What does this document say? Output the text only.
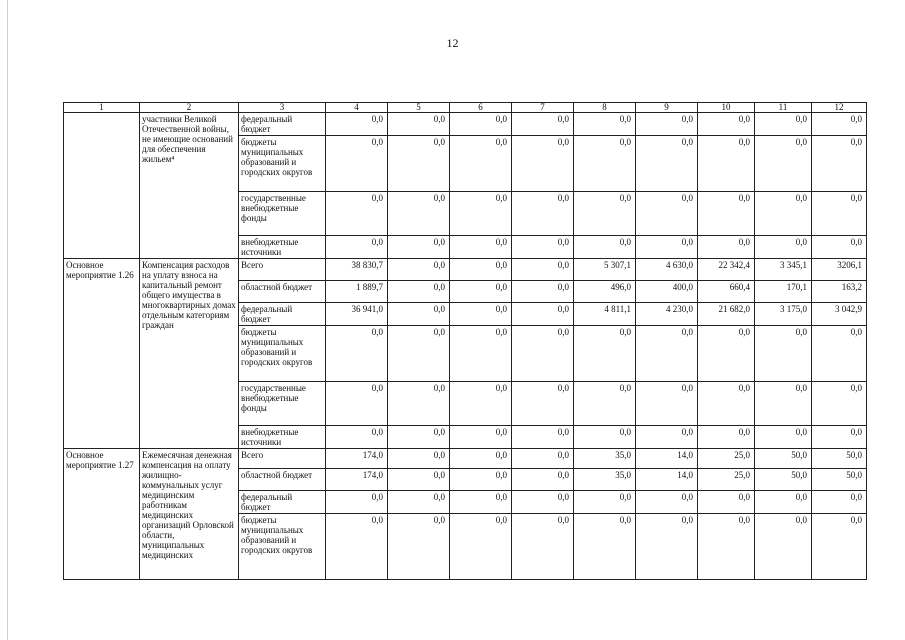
12
1	2	3	4	5	6	7	8	9	10	11	12
	участники Великой Отечественной войны, не имеющие оснований для обеспечения жильем⁴	федеральный бюджет	0,0	0,0	0,0	0,0	0,0	0,0	0,0	0,0	0,0
		бюджеты муниципальных образований и городских округов	0,0	0,0	0,0	0,0	0,0	0,0	0,0	0,0	0,0
		государственные внебюджетные фонды	0,0	0,0	0,0	0,0	0,0	0,0	0,0	0,0	0,0
		внебюджетные источники	0,0	0,0	0,0	0,0	0,0	0,0	0,0	0,0	0,0
Основное мероприятие 1.26	Компенсация расходов на уплату взноса на капитальный ремонт общего имущества в многоквартирных домах отдельным категориям граждан	Всего	38 830,7	0,0	0,0	0,0	5 307,1	4 630,0	22 342,4	3 345,1	3206,1
		областной бюджет	1 889,7	0,0	0,0	0,0	496,0	400,0	660,4	170,1	163,2
		федеральный бюджет	36 941,0	0,0	0,0	0,0	4 811,1	4 230,0	21 682,0	3 175,0	3 042,9
		бюджеты муниципальных образований и городских округов	0,0	0,0	0,0	0,0	0,0	0,0	0,0	0,0	0,0
		государственные внебюджетные фонды	0,0	0,0	0,0	0,0	0,0	0,0	0,0	0,0	0,0
		внебюджетные источники	0,0	0,0	0,0	0,0	0,0	0,0	0,0	0,0	0,0
Основное мероприятие 1.27	Ежемесячная денежная компенсация на оплату жилищно-коммунальных услуг медицинским работникам медицинских организаций Орловской области, муниципальных медицинских	Всего	174,0	0,0	0,0	0,0	35,0	14,0	25,0	50,0	50,0
		областной бюджет	174,0	0,0	0,0	0,0	35,0	14,0	25,0	50,0	50,0
		федеральный бюджет	0,0	0,0	0,0	0,0	0,0	0,0	0,0	0,0	0,0
		бюджеты муниципальных образований и городских округов	0,0	0,0	0,0	0,0	0,0	0,0	0,0	0,0	0,0
